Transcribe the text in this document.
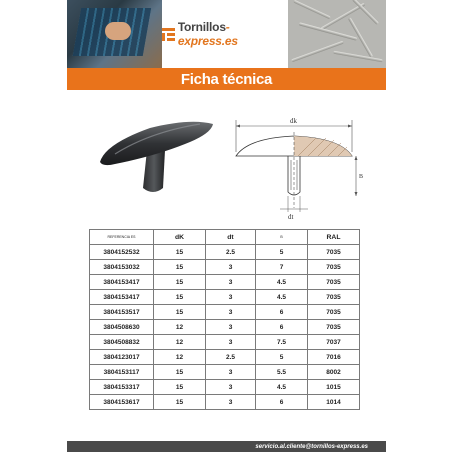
Tornillos-express.es
Ficha técnica
dk
B
dt
REFERENCIA ES	dK	dt	B	RAL
3804152532	15	2.5	5	7035
3804153032	15	3	7	7035
3804153417	15	3	4.5	7035
3804153417	15	3	4.5	7035
3804153517	15	3	6	7035
3804508630	12	3	6	7035
3804508832	12	3	7.5	7037
3804123017	12	2.5	5	7016
3804153117	15	3	5.5	8002
3804153317	15	3	4.5	1015
3804153617	15	3	6	1014
servicio.al.cliente@tornillos-express.es
